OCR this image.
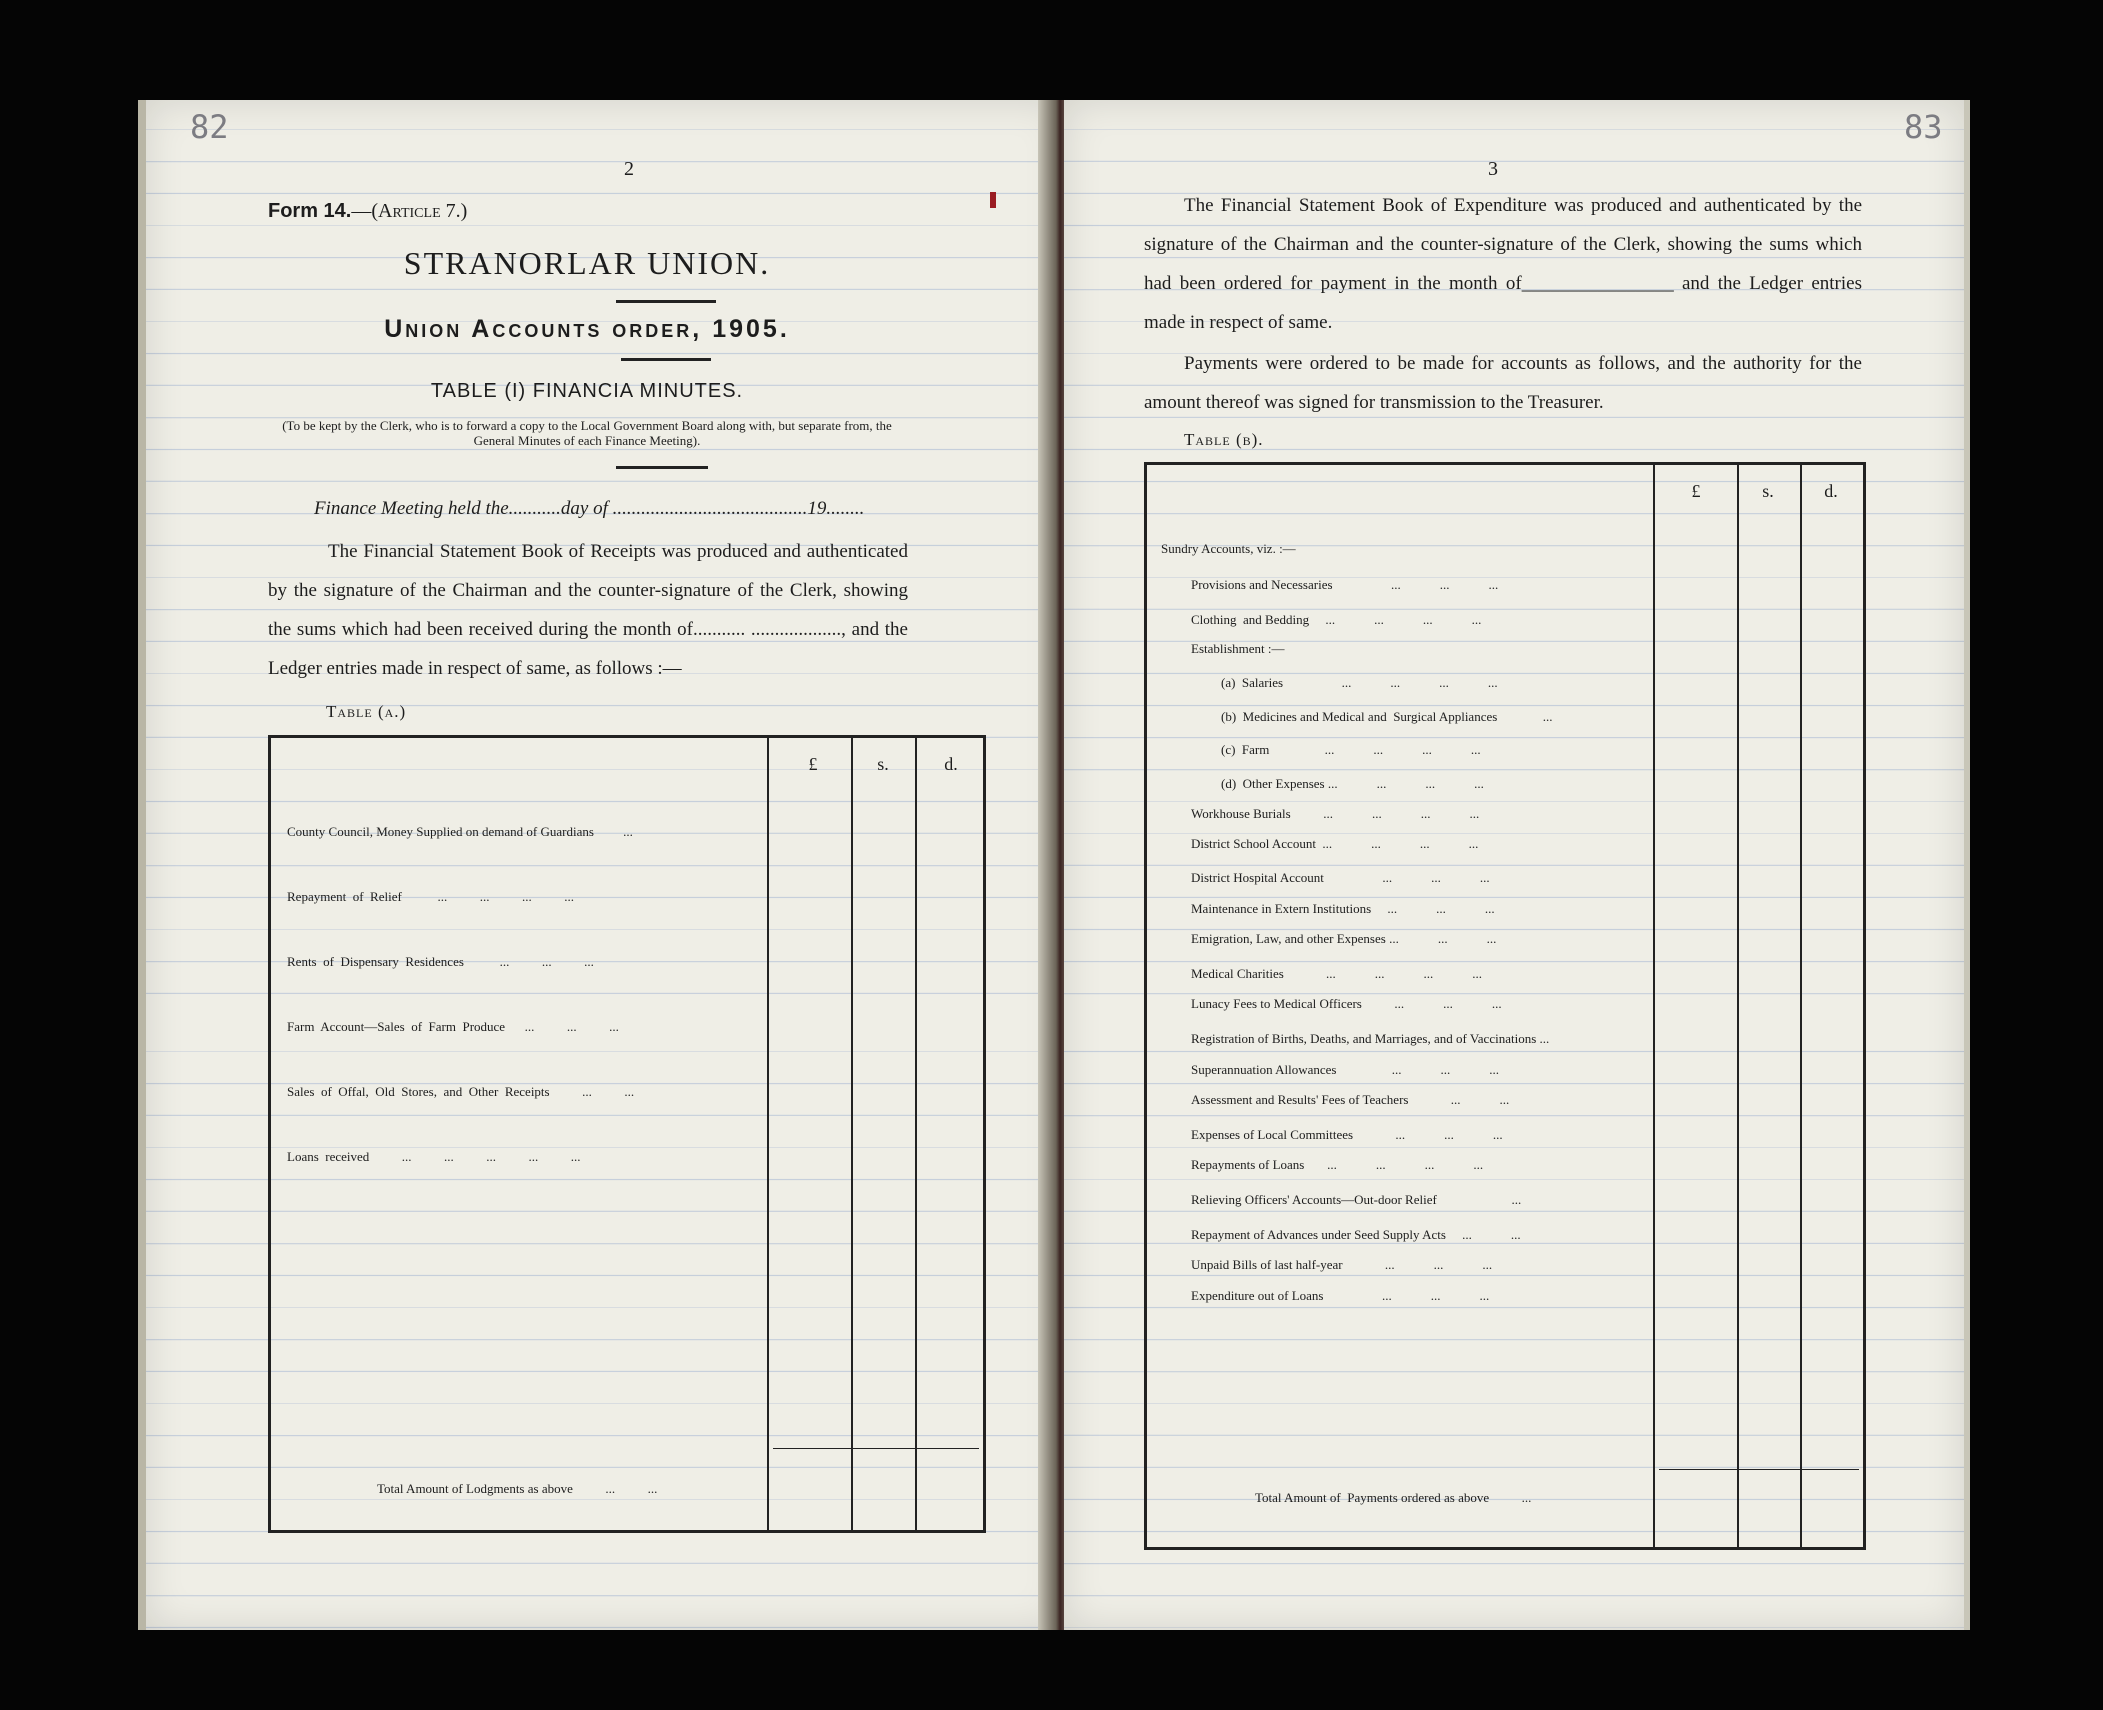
82
2
Form 14.—(Article 7.)
STRANORLAR UNION.
Union Accounts order, 1905.
TABLE (I) FINANCIA MINUTES.
(To be kept by the Clerk, who is to forward a copy to the Local Government Board along with, but separate from, the General Minutes of each Finance Meeting).
Finance Meeting held the...........day of .........................................19........
The Financial Statement Book of Receipts was produced and authenticated by the signature of the Chairman and the counter-signature of the Clerk, showing the sums which had been received during the month of........... ..................., and the Ledger entries made in respect of same, as follows :—
Table (a.)
£	s.	d.
County Council, Money Supplied on demand of Guardians         ...
Repayment  of  Relief           ...          ...          ...          ...
Rents  of  Dispensary  Residences           ...          ...          ...
Farm  Account—Sales  of  Farm  Produce      ...          ...          ...
Sales  of  Offal,  Old  Stores,  and  Other  Receipts          ...          ...
Loans  received          ...          ...          ...          ...          ...
Total Amount of Lodgments as above          ...          ...
83
3
The Financial Statement Book of Expenditure was produced and authenticated by the signature of the Chairman and the counter-signature of the Clerk, showing the sums which had been ordered for payment in the month of________________ and the Ledger entries made in respect of same.
Payments were ordered to be made for accounts as follows, and the authority for the amount thereof was signed for transmission to the Treasurer.
Table (b).
£	s.	d.
Sundry Accounts, viz. :—
Provisions and Necessaries                  ...            ...            ...
Clothing  and Bedding     ...            ...            ...            ...
Establishment :—
(a)  Salaries                  ...            ...            ...            ...
(b)  Medicines and Medical and  Surgical Appliances              ...
(c)  Farm                 ...            ...            ...            ...
(d)  Other Expenses ...            ...            ...            ...
Workhouse Burials          ...            ...            ...            ...
District School Account  ...            ...            ...            ...
District Hospital Account                  ...            ...            ...
Maintenance in Extern Institutions     ...            ...            ...
Emigration, Law, and other Expenses ...            ...            ...
Medical Charities             ...            ...            ...            ...
Lunacy Fees to Medical Officers          ...            ...            ...
Registration of Births, Deaths, and Marriages, and of Vaccinations ...
Superannuation Allowances                 ...            ...            ...
Assessment and Results' Fees of Teachers             ...            ...
Expenses of Local Committees             ...            ...            ...
Repayments of Loans       ...            ...            ...            ...
Relieving Officers' Accounts—Out-door Relief                       ...
Repayment of Advances under Seed Supply Acts     ...            ...
Unpaid Bills of last half-year             ...            ...            ...
Expenditure out of Loans                  ...            ...            ...
Total Amount of  Payments ordered as above          ...
